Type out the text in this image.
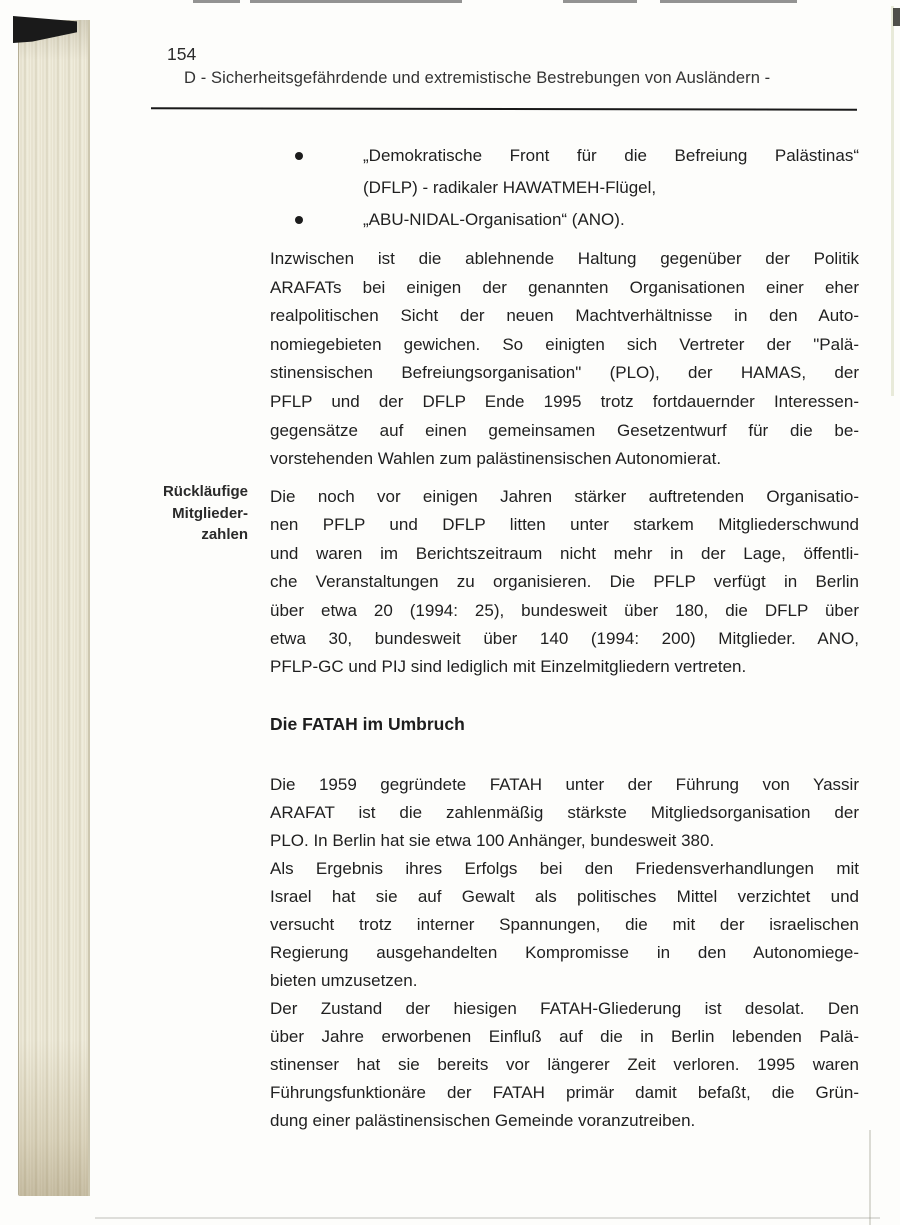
154
D - Sicherheitsgefährdende und extremistische Bestrebungen von Ausländern -
„Demokratische Front für die Befreiung Palästinas“
(DFLP) - radikaler HAWATMEH-Flügel,
„ABU-NIDAL-Organisation“ (ANO).
Inzwischen ist die ablehnende Haltung gegenüber der Politik
ARAFATs bei einigen der genannten Organisationen einer eher
realpolitischen Sicht der neuen Machtverhältnisse in den Auto-
nomiegebieten gewichen. So einigten sich Vertreter der "Palä-
stinensischen Befreiungsorganisation" (PLO), der HAMAS, der
PFLP und der DFLP Ende 1995 trotz fortdauernder Interessen-
gegensätze auf einen gemeinsamen Gesetzentwurf für die be-
vorstehenden Wahlen zum palästinensischen Autonomierat.
Rückläufige
Mitglieder-
zahlen
Die noch vor einigen Jahren stärker auftretenden Organisatio-
nen PFLP und DFLP litten unter starkem Mitgliederschwund
und waren im Berichtszeitraum nicht mehr in der Lage, öffentli-
che Veranstaltungen zu organisieren. Die PFLP verfügt in Berlin
über etwa 20 (1994: 25), bundesweit über 180, die DFLP über
etwa 30, bundesweit über 140 (1994: 200) Mitglieder. ANO,
PFLP-GC und PIJ sind lediglich mit Einzelmitgliedern vertreten.
Die FATAH im Umbruch
Die 1959 gegründete FATAH unter der Führung von Yassir
ARAFAT ist die zahlenmäßig stärkste Mitgliedsorganisation der
PLO. In Berlin hat sie etwa 100 Anhänger, bundesweit 380.
Als Ergebnis ihres Erfolgs bei den Friedensverhandlungen mit
Israel hat sie auf Gewalt als politisches Mittel verzichtet und
versucht trotz interner Spannungen, die mit der israelischen
Regierung ausgehandelten Kompromisse in den Autonomiege-
bieten umzusetzen.
Der Zustand der hiesigen FATAH-Gliederung ist desolat. Den
über Jahre erworbenen Einfluß auf die in Berlin lebenden Palä-
stinenser hat sie bereits vor längerer Zeit verloren. 1995 waren
Führungsfunktionäre der FATAH primär damit befaßt, die Grün-
dung einer palästinensischen Gemeinde voranzutreiben.
